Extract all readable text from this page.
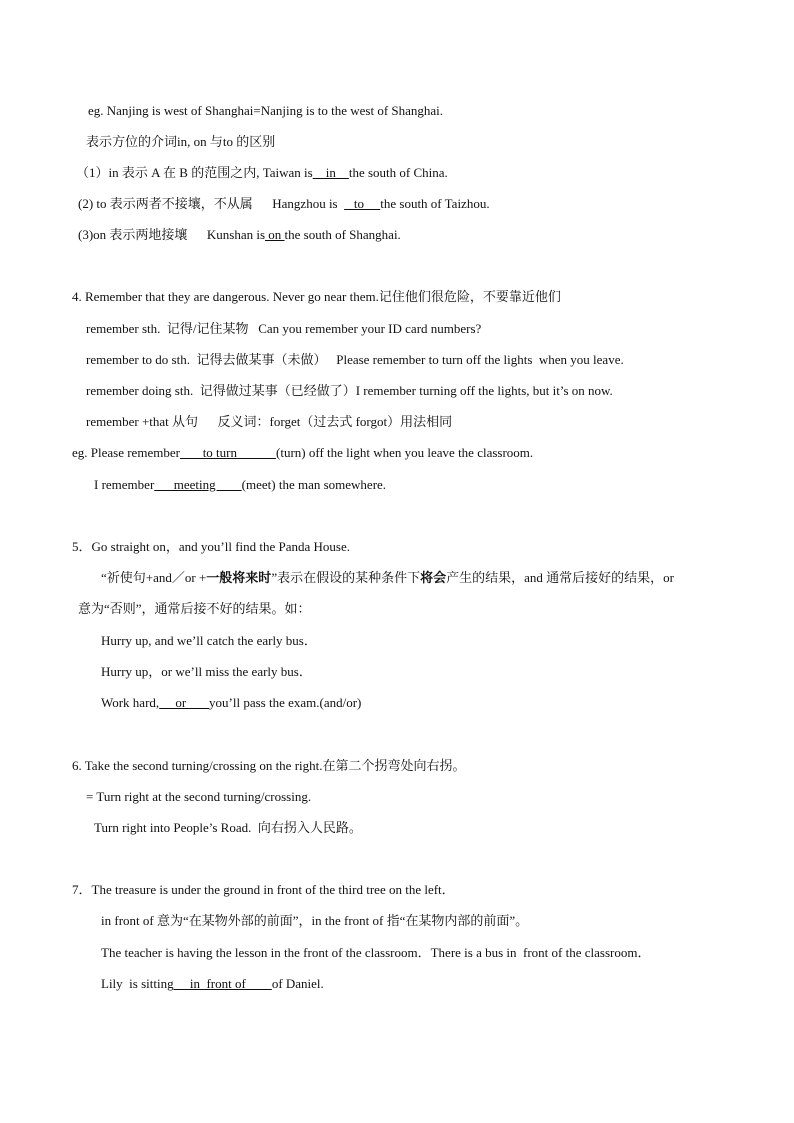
eg. Nanjing is west of Shanghai=Nanjing is to the west of Shanghai.
表示方位的介词in, on 与to 的区别
（1）in 表示 A 在 B 的范围之内, Taiwan is    in    the south of China.
(2) to 表示两者不接壤，不从属      Hangzhou is     to     the south of Taizhou.
(3)on 表示两地接壤      Kunshan is on the south of Shanghai.
4. Remember that they are dangerous. Never go near them.记住他们很危险，不要靠近他们
remember sth.  记得/记住某物   Can you remember your ID card numbers?
remember to do sth.  记得去做某事（未做）   Please remember to turn off the lights  when you leave.
remember doing sth.  记得做过某事（已经做了）I remember turning off the lights, but it’s on now.
remember +that 从句      反义词：forget（过去式 forgot）用法相同
eg. Please remember       to turn            (turn) off the light when you leave the classroom.
I remember      meeting        (meet) the man somewhere.
5．Go straight on，and you’ll find the Panda House.
“祈使句+and／or +一般将来时”表示在假设的某种条件下将会产生的结果，and 通常后接好的结果，or
意为“否则”，通常后接不好的结果。如：
Hurry up, and we’ll catch the early bus．
Hurry up，or we’ll miss the early bus．
Work hard,     or       you’ll pass the exam.(and/or)
6. Take the second turning/crossing on the right.在第二个拐弯处向右拐。
= Turn right at the second turning/crossing.
Turn right into People’s Road.  向右拐入人民路。
7．The treasure is under the ground in front of the third tree on the left．
in front of 意为“在某物外部的前面”，in the front of 指“在某物内部的前面”。
The teacher is having the lesson in the front of the classroom．There is a bus in  front of the classroom．
Lily  is sitting     in  front of        of Daniel.
